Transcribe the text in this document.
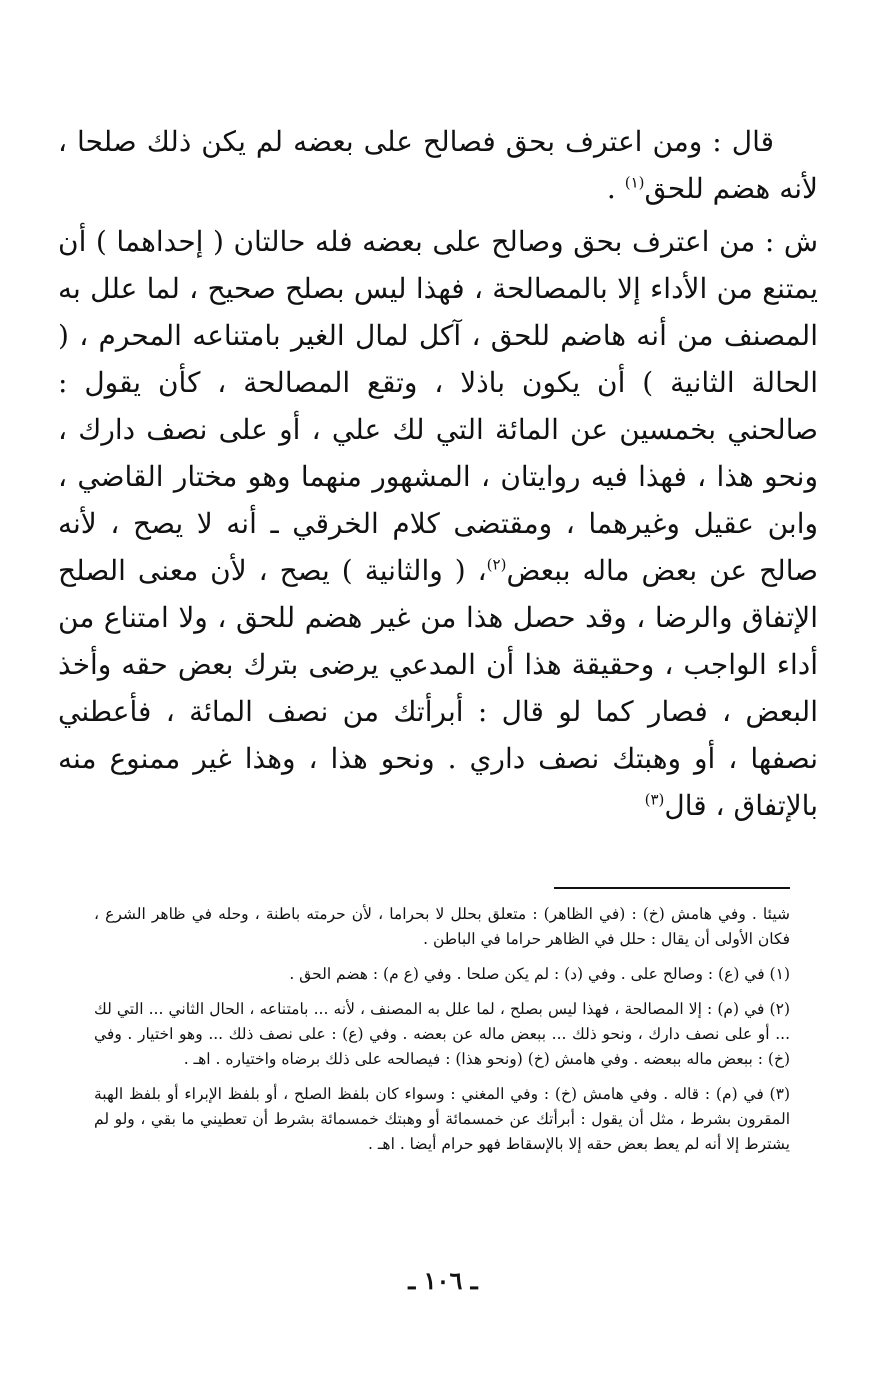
قال : ومن اعترف بحق فصالح على بعضه لم يكن ذلك صلحا ، لأنه هضم للحق$^{(١)}$ .

ش : من اعترف بحق وصالح على بعضه فله حالتان ( إحداهما ) أن يمتنع من الأداء إلا بالمصالحة ، فهذا ليس بصلح صحيح ، لما علل به المصنف من أنه هاضم للحق ، آكل لمال الغير بامتناعه المحرم ، ( الحالة الثانية ) أن يكون باذلا ، وتقع المصالحة ، كأن يقول : صالحني بخمسين عن المائة التي لك علي ، أو على نصف دارك ، ونحو هذا ، فهذا فيه روايتان ، المشهور منهما وهو مختار القاضي ، وابن عقيل وغيرهما ، ومقتضى كلام الخرقي ـ أنه لا يصح ، لأنه صالح عن بعض ماله ببعض$^{(٢)}$، ( والثانية ) يصح ، لأن معنى الصلح الإتفاق والرضا ، وقد حصل هذا من غير هضم للحق ، ولا امتناع من أداء الواجب ، وحقيقة هذا أن المدعي يرضى بترك بعض حقه وأخذ البعض ، فصار كما لو قال : أبرأتك من نصف المائة ، فأعطني نصفها ، أو وهبتك نصف داري . ونحو هذا ، وهذا غير ممنوع منه بالإتفاق ، قال$^{(٣)}$

شيئا . وفي هامش (خ) : (في الظاهر) : متعلق بحلل لا بحراما ، لأن حرمته باطنة ، وحله في ظاهر الشرع ، فكان الأولى أن يقال : حلل في الظاهر حراما في الباطن .

(١) في (ع) : وصالح على . وفي (د) : لم يكن صلحا . وفي (ع م) : هضم الحق .

(٢) في (م) : إلا المصالحة ، فهذا ليس بصلح ، لما علل به المصنف ، لأنه ... بامتناعه ، الحال الثاني ... التي لك ... أو على نصف دارك ، ونحو ذلك ... ببعض ماله عن بعضه . وفي (ع) : على نصف ذلك ... وهو اختيار . وفي (خ) : ببعض ماله ببعضه . وفي هامش (خ) (ونحو هذا) : فيصالحه على ذلك برضاه واختياره . اهـ .

(٣) في (م) : قاله . وفي هامش (خ) : وفي المغني : وسواء كان بلفظ الصلح ، أو بلفظ الإبراء أو بلفظ الهبة المقرون بشرط ، مثل أن يقول : أبرأتك عن خمسمائة أو وهبتك خمسمائة بشرط أن تعطيني ما بقي ، ولو لم يشترط إلا أنه لم يعط بعض حقه إلا بالإسقاط فهو حرام أيضا . اهـ .

ـ ١٠٦ ـ
